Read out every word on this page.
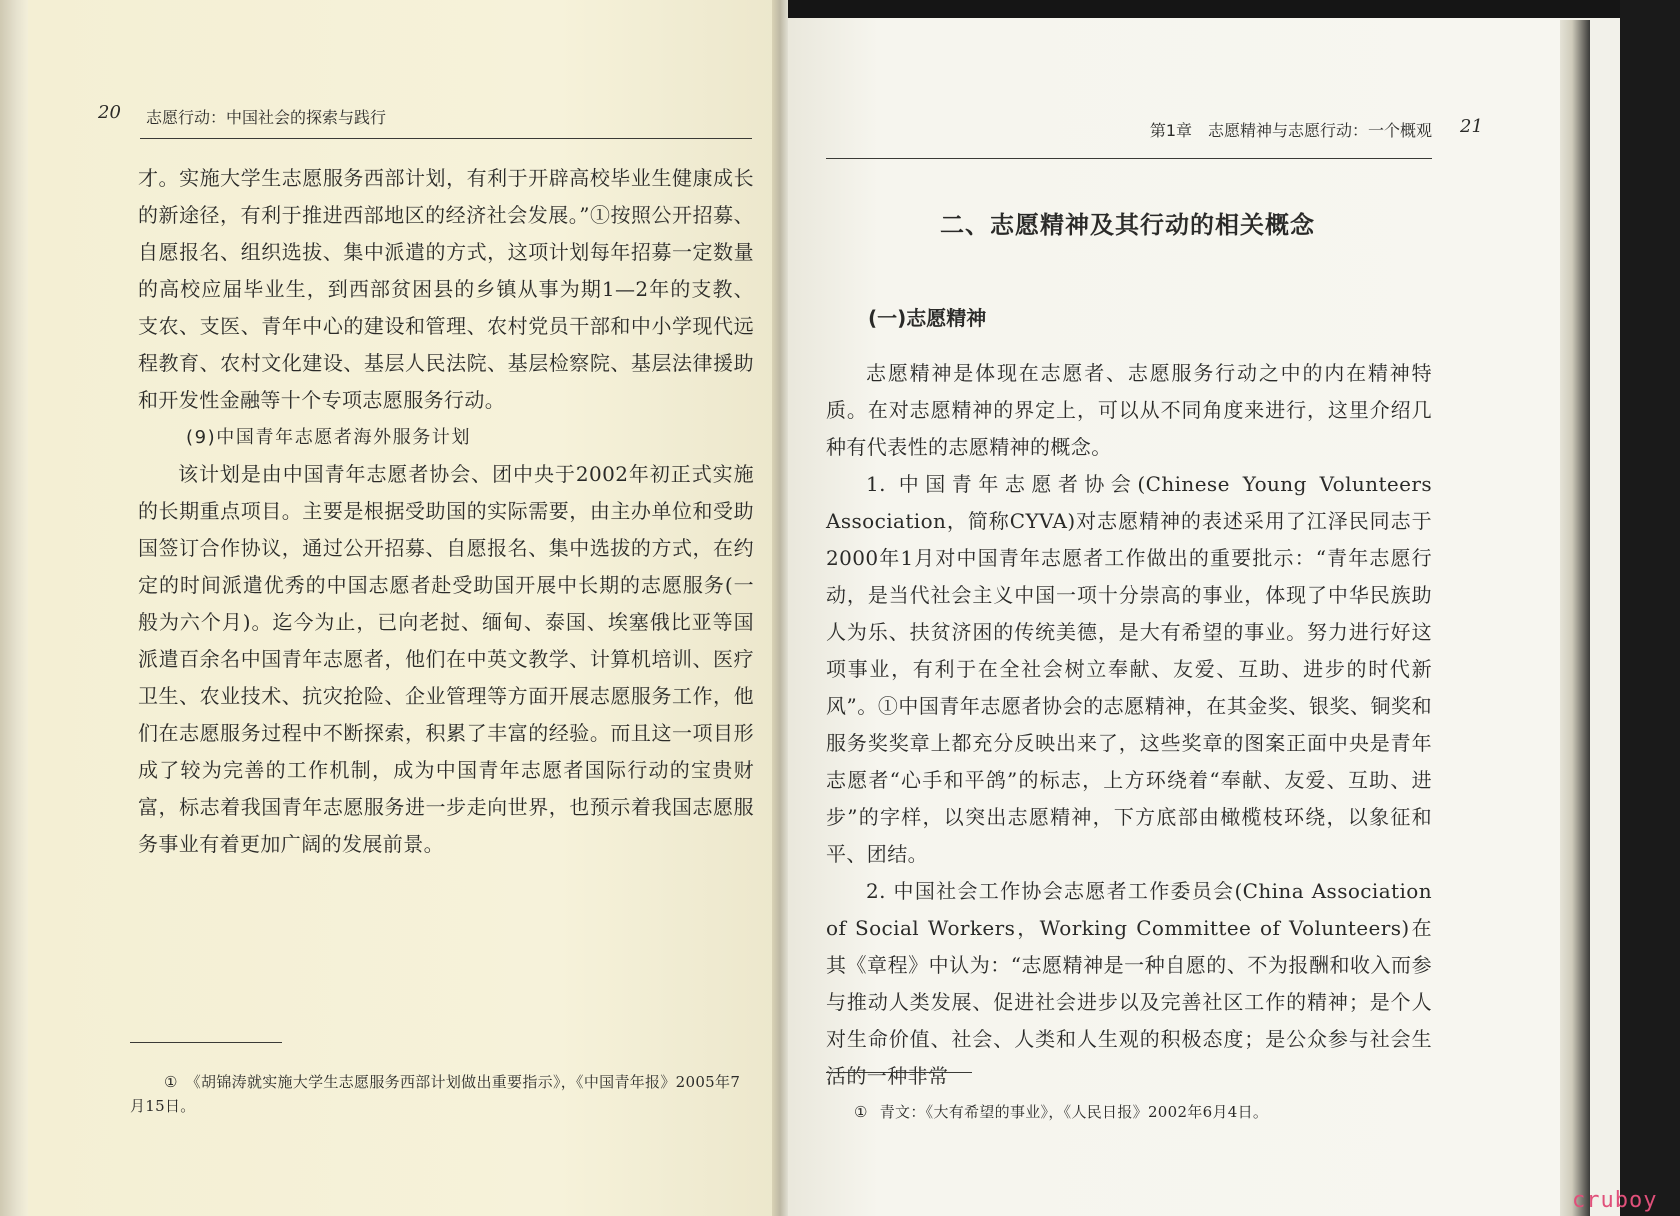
20 志愿行动：中国社会的探索与践行

才。实施大学生志愿服务西部计划，有利于开辟高校毕业生健康成长的新途径，有利于推进西部地区的经济社会发展。”①按照公开招募、自愿报名、组织选拔、集中派遣的方式，这项计划每年招募一定数量的高校应届毕业生，到西部贫困县的乡镇从事为期1—2年的支教、支农、支医、青年中心的建设和管理、农村党员干部和中小学现代远程教育、农村文化建设、基层人民法院、基层检察院、基层法律援助和开发性金融等十个专项志愿服务行动。

(9)中国青年志愿者海外服务计划

该计划是由中国青年志愿者协会、团中央于2002年初正式实施的长期重点项目。主要是根据受助国的实际需要，由主办单位和受助国签订合作协议，通过公开招募、自愿报名、集中选拔的方式，在约定的时间派遣优秀的中国志愿者赴受助国开展中长期的志愿服务(一般为六个月)。迄今为止，已向老挝、缅甸、泰国、埃塞俄比亚等国派遣百余名中国青年志愿者，他们在中英文教学、计算机培训、医疗卫生、农业技术、抗灾抢险、企业管理等方面开展志愿服务工作，他们在志愿服务过程中不断探索，积累了丰富的经验。而且这一项目形成了较为完善的工作机制，成为中国青年志愿者国际行动的宝贵财富，标志着我国青年志愿服务进一步走向世界，也预示着我国志愿服务事业有着更加广阔的发展前景。

① 《胡锦涛就实施大学生志愿服务西部计划做出重要指示》，《中国青年报》2005年7月15日。
第1章　志愿精神与志愿行动：一个概观 21
二、志愿精神及其行动的相关概念
(一)志愿精神

志愿精神是体现在志愿者、志愿服务行动之中的内在精神特质。在对志愿精神的界定上，可以从不同角度来进行，这里介绍几种有代表性的志愿精神的概念。

1. 中国青年志愿者协会(Chinese Young Volunteers Association，简称CYVA)对志愿精神的表述采用了江泽民同志于2000年1月对中国青年志愿者工作做出的重要批示：“青年志愿行动，是当代社会主义中国一项十分崇高的事业，体现了中华民族助人为乐、扶贫济困的传统美德，是大有希望的事业。努力进行好这项事业，有利于在全社会树立奉献、友爱、互助、进步的时代新风”。①中国青年志愿者协会的志愿精神，在其金奖、银奖、铜奖和服务奖奖章上都充分反映出来了，这些奖章的图案正面中央是青年志愿者“心手和平鸽”的标志，上方环绕着“奉献、友爱、互助、进步”的字样，以突出志愿精神，下方底部由橄榄枝环绕，以象征和平、团结。

2. 中国社会工作协会志愿者工作委员会(China Association of Social Workers，Working Committee of Volunteers)在其《章程》中认为：“志愿精神是一种自愿的、不为报酬和收入而参与推动人类发展、促进社会进步以及完善社区工作的精神；是个人对生命价值、社会、人类和人生观的积极态度；是公众参与社会生活的一种非常

① 青文：《大有希望的事业》，《人民日报》2002年6月4日。
cruboy
